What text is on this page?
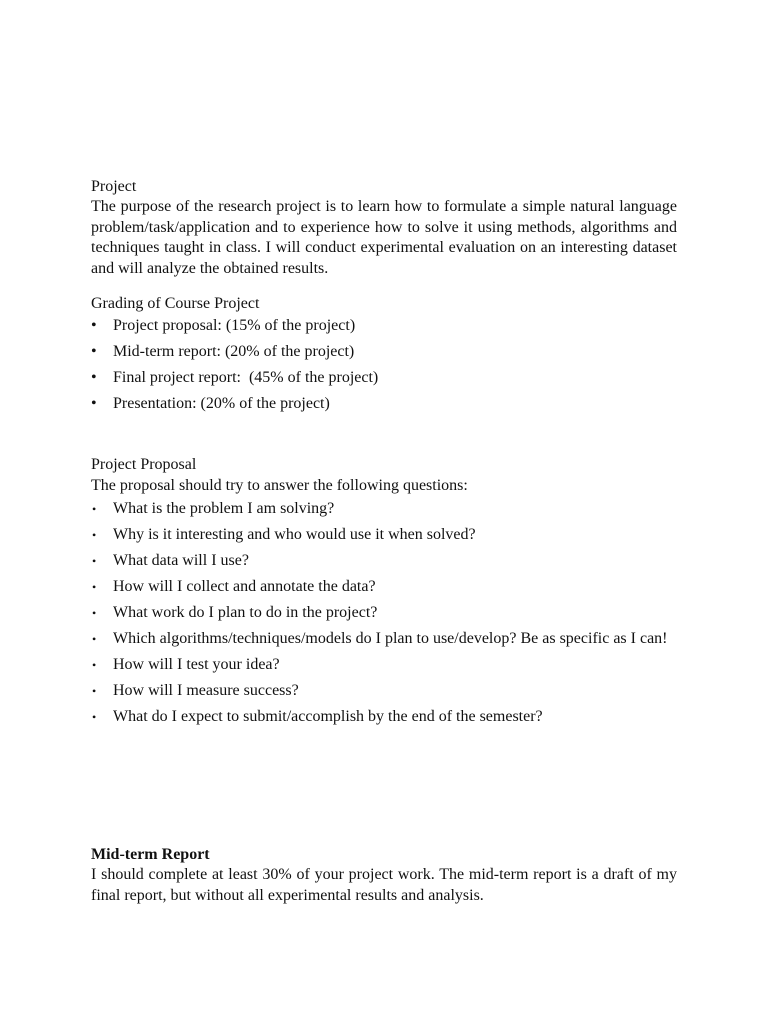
Project

The purpose of the research project is to learn how to formulate a simple natural language problem/task/application and to experience how to solve it using methods, algorithms and techniques taught in class. I will conduct experimental evaluation on an interesting dataset and will analyze the obtained results.

Grading of Course Project

•	Project proposal: (15% of the project)
•	Mid-term report: (20% of the project)
•	Final project report:  (45% of the project)
•	Presentation: (20% of the project)

Project Proposal

The proposal should try to answer the following questions:

•	What is the problem I am solving?
•	Why is it interesting and who would use it when solved?
•	What data will I use?
•	How will I collect and annotate the data?
•	What work do I plan to do in the project?
•	Which algorithms/techniques/models do I plan to use/develop? Be as specific as I can!
•	How will I test your idea?
•	How will I measure success?
•	What do I expect to submit/accomplish by the end of the semester?

Mid-term Report

I should complete at least 30% of your project work. The mid-term report is a draft of my final report, but without all experimental results and analysis.
